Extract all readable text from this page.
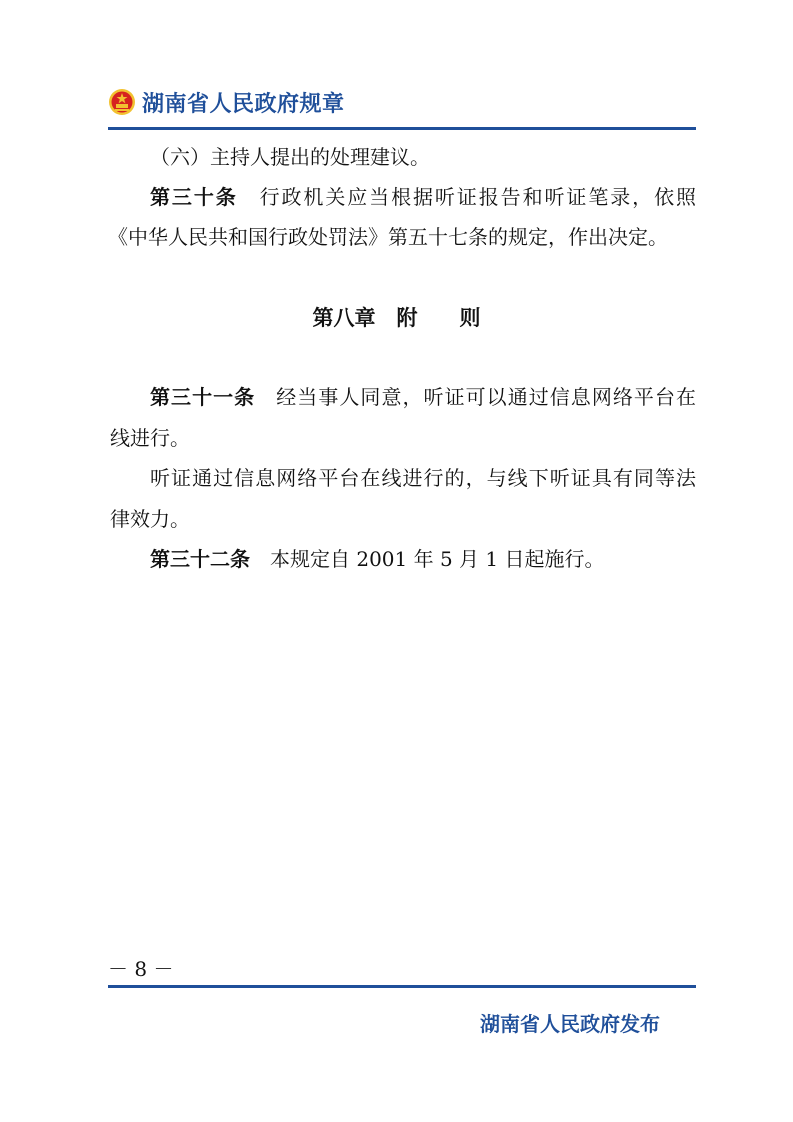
湖南省人民政府规章
（六）主持人提出的处理建议。
第三十条　 行政机关应当根据听证报告和听证笔录，依照
《中华人民共和国行政处罚法》第五十七条的规定，作出决定。
第八章　附　　则
第三十一条　 经当事人同意，听证可以通过信息网络平台在
线进行。
听证通过信息网络平台在线进行的，与线下听证具有同等法
律效力。
第三十二条　 本规定自 2001 年 5 月 1 日起施行。
－ 8 －
湖南省人民政府发布
